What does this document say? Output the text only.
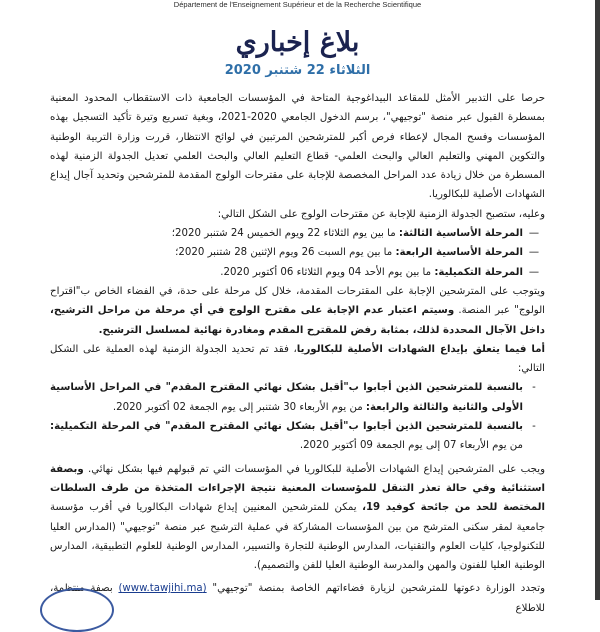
Département de l'Enseignement Supérieur et de la Recherche Scientifique
بلاغ إخباري
الثلاثاء 22 شتنبر 2020

حرصا على التدبير الأمثل للمقاعد البيداغوجية المتاحة في المؤسسات الجامعية ذات الاستقطاب المحدود المعنية بمسطرة القبول عبر منصة "توجيهي"، برسم الدخول الجامعي 2020-2021، وبغية تسريع وتيرة تأكيد التسجيل بهذه المؤسسات وفسح المجال لإعطاء فرص أكبر للمترشحين المرتبين في لوائح الانتظار، قررت وزارة التربية الوطنية والتكوين المهني والتعليم العالي والبحث العلمي- قطاع التعليم العالي والبحث العلمي تعديل الجدولة الزمنية لهذه المسطرة من خلال زيادة عدد المراحل المخصصة للإجابة على مقترحات الولوج المقدمة للمترشحين وتحديد آجال إيداع الشهادات الأصلية للبكالوريا.

وعليه، ستصبح الجدولة الزمنية للإجابة عن مقترحات الولوج على الشكل التالي:

—
المرحلة الأساسية الثالثة: ما بين يوم الثلاثاء 22 ويوم الخميس 24 شتنبر 2020؛
—
المرحلة الأساسية الرابعة: ما بين يوم السبت 26 ويوم الإثنين 28 شتنبر 2020؛
—
المرحلة التكميلية: ما بين يوم الأحد 04 ويوم الثلاثاء 06 أكتوبر 2020.

ويتوجب على المترشحين الإجابة على المقترحات المقدمة، خلال كل مرحلة على حدة، في الفضاء الخاص ب"اقتراح الولوج" عبر المنصة. وسيتم اعتبار عدم الإجابة على مقترح الولوج في أي مرحلة من مراحل الترشيح، داخل الآجال المحددة لذلك، بمثابة رفض للمقترح المقدم ومغادرة نهائية لمسلسل الترشيح.

أما فيما يتعلق بإيداع الشهادات الأصلية للبكالوريا، فقد تم تحديد الجدولة الزمنية لهذه العملية على الشكل التالي:

-
بالنسبة للمترشحين الذين أجابوا ب"أقبل بشكل نهائي المقترح المقدم" في المراحل الأساسية الأولى والثانية والثالثة والرابعة: من يوم الأربعاء 30 شتنبر إلى يوم الجمعة 02 أكتوبر 2020.
-
بالنسبة للمترشحين الذين أجابوا ب"أقبل بشكل نهائي المقترح المقدم" في المرحلة التكميلية: من يوم الأربعاء 07 إلى يوم الجمعة 09 أكتوبر 2020.

ويجب على المترشحين إيداع الشهادات الأصلية للبكالوريا في المؤسسات التي تم قبولهم فيها بشكل نهائي. وبصفة استثنائية وفي حالة تعذر التنقل للمؤسسات المعنية نتيجة الإجراءات المتخذة من طرف السلطات المختصة للحد من جائحة كوفيد 19، يمكن للمترشحين المعنيين إيداع شهادات البكالوريا في أقرب مؤسسة جامعية لمقر سكنى المترشح من بين المؤسسات المشاركة في عملية الترشيح عبر منصة "توجيهي" (المدارس العليا للتكنولوجيا، كليات العلوم والتقنيات، المدارس الوطنية للتجارة والتسيير، المدارس الوطنية للعلوم التطبيقية، المدارس الوطنية العليا للفنون والمهن والمدرسة الوطنية العليا للفن والتصميم).

وتجدد الوزارة دعوتها للمترشحين لزيارة فضاءاتهم الخاصة بمنصة "توجيهي" (www.tawjihi.ma) بصفة منتظمة، للاطلاع
